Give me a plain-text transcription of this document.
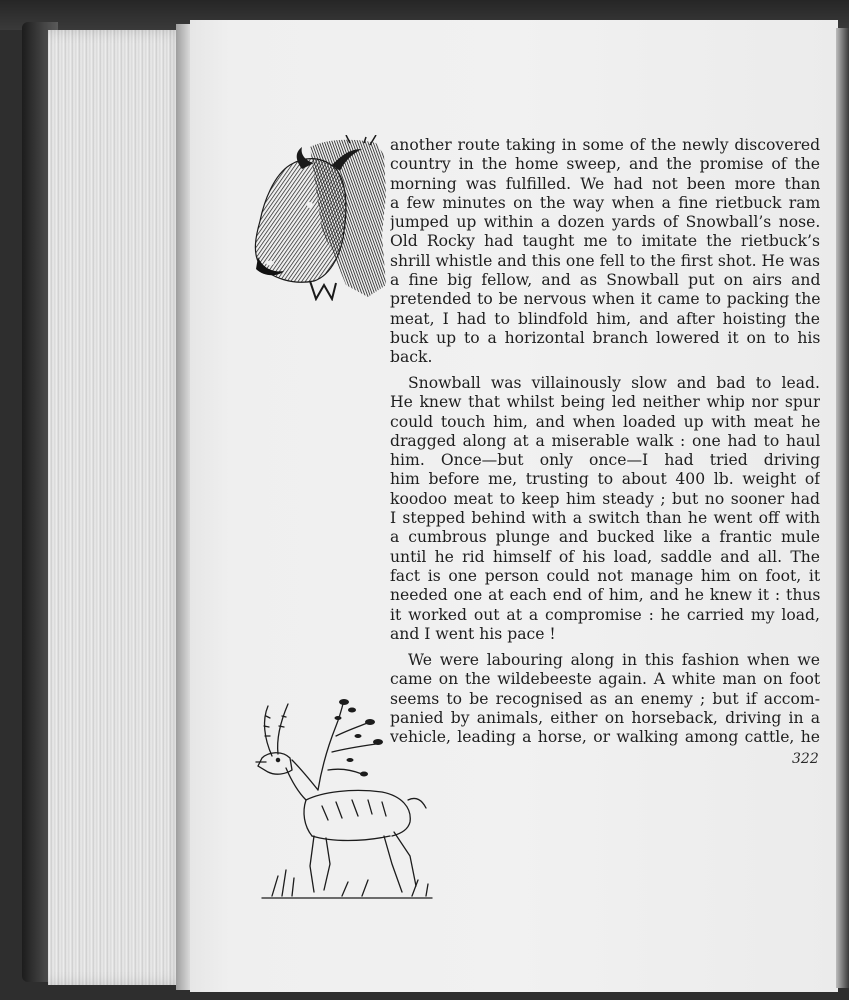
another route taking in some of the newly discovered
country in the home sweep, and the promise of the
morning was fulfilled. We had not been more than
a few minutes on the way when a fine rietbuck ram
jumped up within a dozen yards of Snowball’s nose.
Old Rocky had taught me to imitate the rietbuck’s
shrill whistle and this one fell to the first shot. He was
a fine big fellow, and as Snowball put on airs and
pretended to be nervous when it came to packing the
meat, I had to blindfold him, and after hoisting the
buck up to a horizontal branch lowered it on to his
back.
Snowball was villainously slow and bad to lead.
He knew that whilst being led neither whip nor spur
could touch him, and when loaded up with meat he
dragged along at a miserable walk : one had to haul
him. Once—but only once—I had tried driving
him before me, trusting to about 400 lb. weight of
koodoo meat to keep him steady ; but no sooner had
I stepped behind with a switch than he went off with
a cumbrous plunge and bucked like a frantic mule
until he rid himself of his load, saddle and all. The
fact is one person could not manage him on foot, it
needed one at each end of him, and he knew it : thus
it worked out at a compromise : he carried my load,
and I went his pace !
We were labouring along in this fashion when we
came on the wildebeeste again. A white man on foot
seems to be recognised as an enemy ; but if accom-
panied by animals, either on horseback, driving in a
vehicle, leading a horse, or walking among cattle, he
322
